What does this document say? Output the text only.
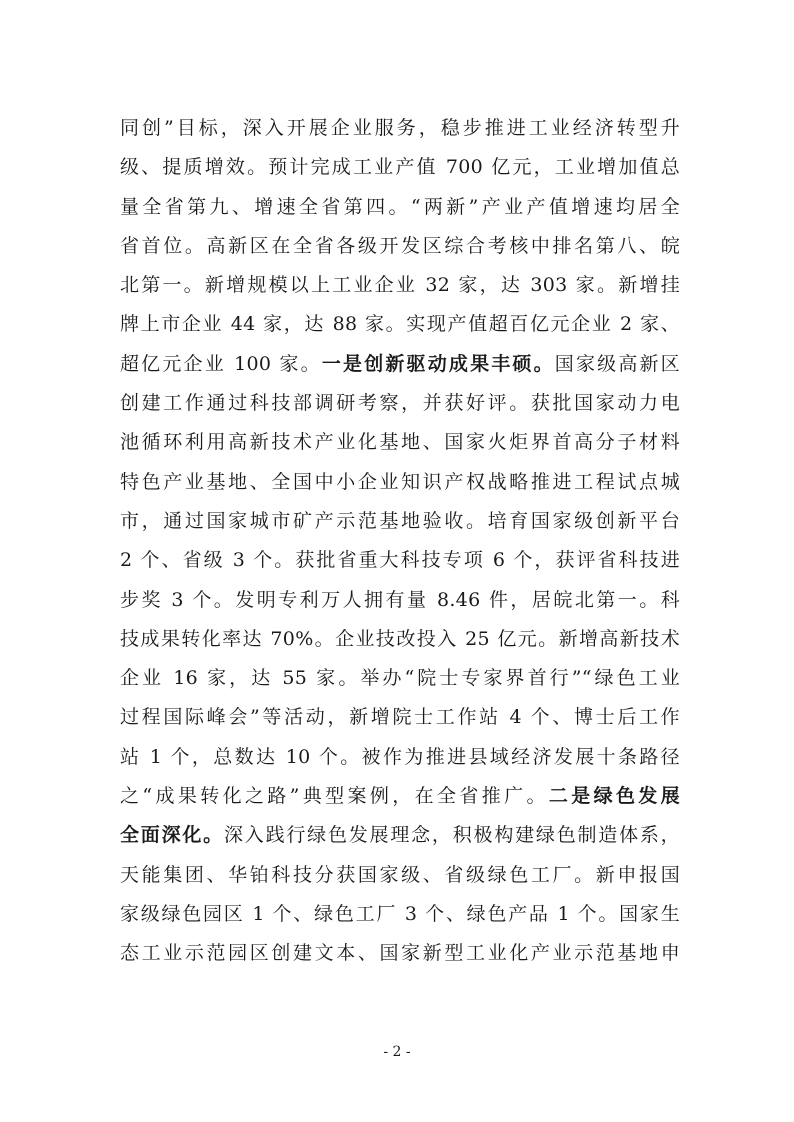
同创”目标，深入开展企业服务，稳步推进工业经济转型升
级、提质增效。预计完成工业产值 700 亿元，工业增加值总
量全省第九、增速全省第四。“两新”产业产值增速均居全
省首位。高新区在全省各级开发区综合考核中排名第八、皖
北第一。新增规模以上工业企业 32 家，达 303 家。新增挂
牌上市企业 44 家，达 88 家。实现产值超百亿元企业 2 家、
超亿元企业 100 家。一是创新驱动成果丰硕。国家级高新区
创建工作通过科技部调研考察，并获好评。获批国家动力电
池循环利用高新技术产业化基地、国家火炬界首高分子材料
特色产业基地、全国中小企业知识产权战略推进工程试点城
市，通过国家城市矿产示范基地验收。培育国家级创新平台
2 个、省级 3 个。获批省重大科技专项 6 个，获评省科技进
步奖 3 个。发明专利万人拥有量 8.46 件，居皖北第一。科
技成果转化率达 70%。企业技改投入 25 亿元。新增高新技术
企业 16 家，达 55 家。举办“院士专家界首行”“绿色工业
过程国际峰会”等活动，新增院士工作站 4 个、博士后工作
站 1 个，总数达 10 个。被作为推进县域经济发展十条路径
之“成果转化之路”典型案例，在全省推广。二是绿色发展
全面深化。深入践行绿色发展理念，积极构建绿色制造体系，
天能集团、华铂科技分获国家级、省级绿色工厂。新申报国
家级绿色园区 1 个、绿色工厂 3 个、绿色产品 1 个。国家生
态工业示范园区创建文本、国家新型工业化产业示范基地申
- 2 -
